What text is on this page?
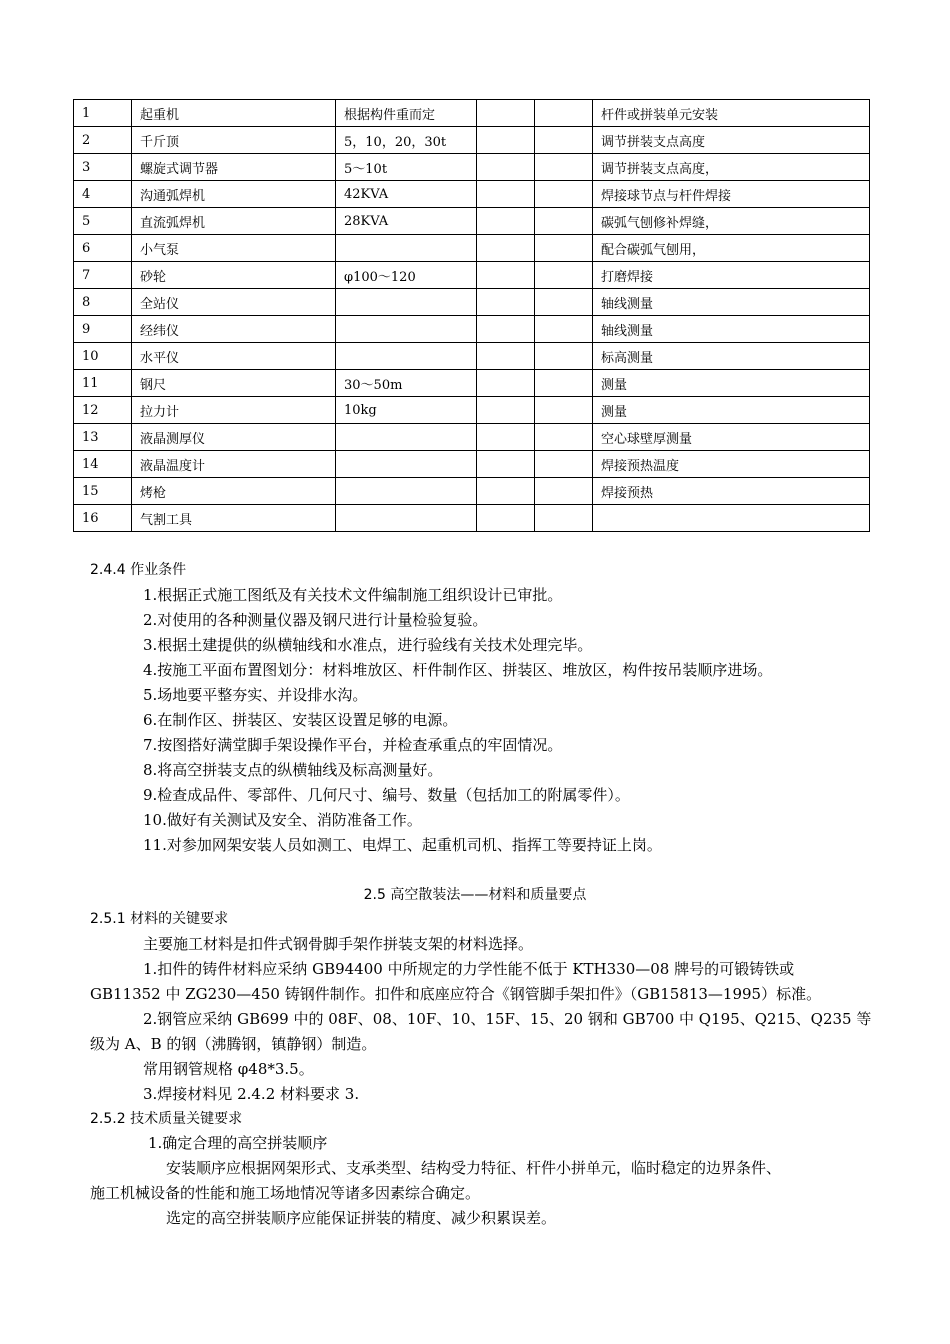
1	起重机	根据构件重而定			杆件或拼装单元安装
2	千斤顶	5，10，20，30t			调节拼装支点高度
3	螺旋式调节器	5～10t			调节拼装支点高度，
4	沟通弧焊机	42KVA			焊接球节点与杆件焊接
5	直流弧焊机	28KVA			碳弧气刨修补焊缝，
6	小气泵				配合碳弧气刨用，
7	砂轮	φ100～120			打磨焊接
8	全站仪				轴线测量
9	经纬仪				轴线测量
10	水平仪				标高测量
11	钢尺	30～50m			测量
12	拉力计	10kg			测量
13	液晶测厚仪				空心球壁厚测量
14	液晶温度计				焊接预热温度
15	烤枪				焊接预热
16	气割工具				
2.4.4 作业条件
1.根据正式施工图纸及有关技术文件编制施工组织设计已审批。
2.对使用的各种测量仪器及钢尺进行计量检验复验。
3.根据土建提供的纵横轴线和水准点，进行验线有关技术处理完毕。
4.按施工平面布置图划分：材料堆放区、杆件制作区、拼装区、堆放区，构件按吊装顺序进场。
5.场地要平整夯实、并设排水沟。
6.在制作区、拼装区、安装区设置足够的电源。
7.按图搭好满堂脚手架设操作平台，并检查承重点的牢固情况。
8.将高空拼装支点的纵横轴线及标高测量好。
9.检查成品件、零部件、几何尺寸、编号、数量（包括加工的附属零件）。
10.做好有关测试及安全、消防准备工作。
11.对参加网架安装人员如测工、电焊工、起重机司机、指挥工等要持证上岗。
2.5 高空散装法——材料和质量要点
2.5.1 材料的关键要求
主要施工材料是扣件式钢骨脚手架作拼装支架的材料选择。
1.扣件的铸件材料应采纳 GB94400 中所规定的力学性能不低于 KTH330—08 牌号的可锻铸铁或
GB11352 中 ZG230—450 铸钢件制作。扣件和底座应符合《钢管脚手架扣件》（GB15813—1995）标准。
2.钢管应采纳 GB699 中的 08F、08、10F、10、15F、15、20 钢和 GB700 中 Q195、Q215、Q235 等
级为 A、B 的钢（沸腾钢，镇静钢）制造。
常用钢管规格 φ48*3.5。
3.焊接材料见 2.4.2 材料要求 3.
2.5.2 技术质量关键要求
1.确定合理的高空拼装顺序
安装顺序应根据网架形式、支承类型、结构受力特征、杆件小拼单元，临时稳定的边界条件、
施工机械设备的性能和施工场地情况等诸多因素综合确定。
选定的高空拼装顺序应能保证拼装的精度、减少积累误差。
